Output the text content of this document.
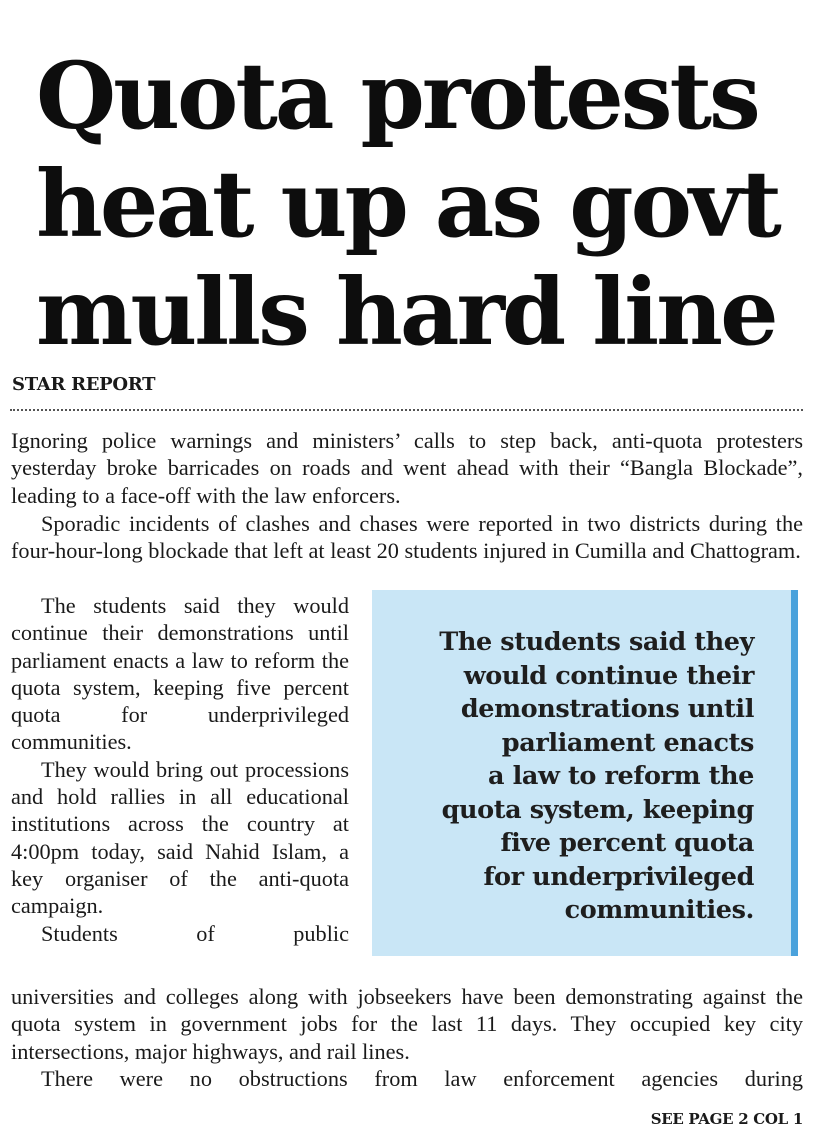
Quota protests
heat up as govt
mulls hard line
STAR REPORT

Ignoring police warnings and ministers’ calls to step back, anti-quota protesters yesterday broke barricades on roads and went ahead with their “Bangla Blockade”, leading to a face-off with the law enforcers.

Sporadic incidents of clashes and chases were reported in two districts during the four-hour-long blockade that left at least 20 students injured in Cumilla and Chattogram.

The students said they would continue their demonstrations until parliament enacts a law to reform the quota system, keeping five percent quota for underprivileged communities.

They would bring out processions and hold rallies in all educational institutions across the country at 4:00pm today, said Nahid Islam, a key organiser of the anti-quota campaign.

Students of public

The students said they
would continue their
demonstrations until
parliament enacts
a law to reform the
quota system, keeping
five percent quota
for underprivileged
communities.

universities and colleges along with jobseekers have been demonstrating against the quota system in government jobs for the last 11 days. They occupied key city intersections, major highways, and rail lines.

There were no obstructions from law enforcement agencies during

SEE PAGE 2 COL 1
